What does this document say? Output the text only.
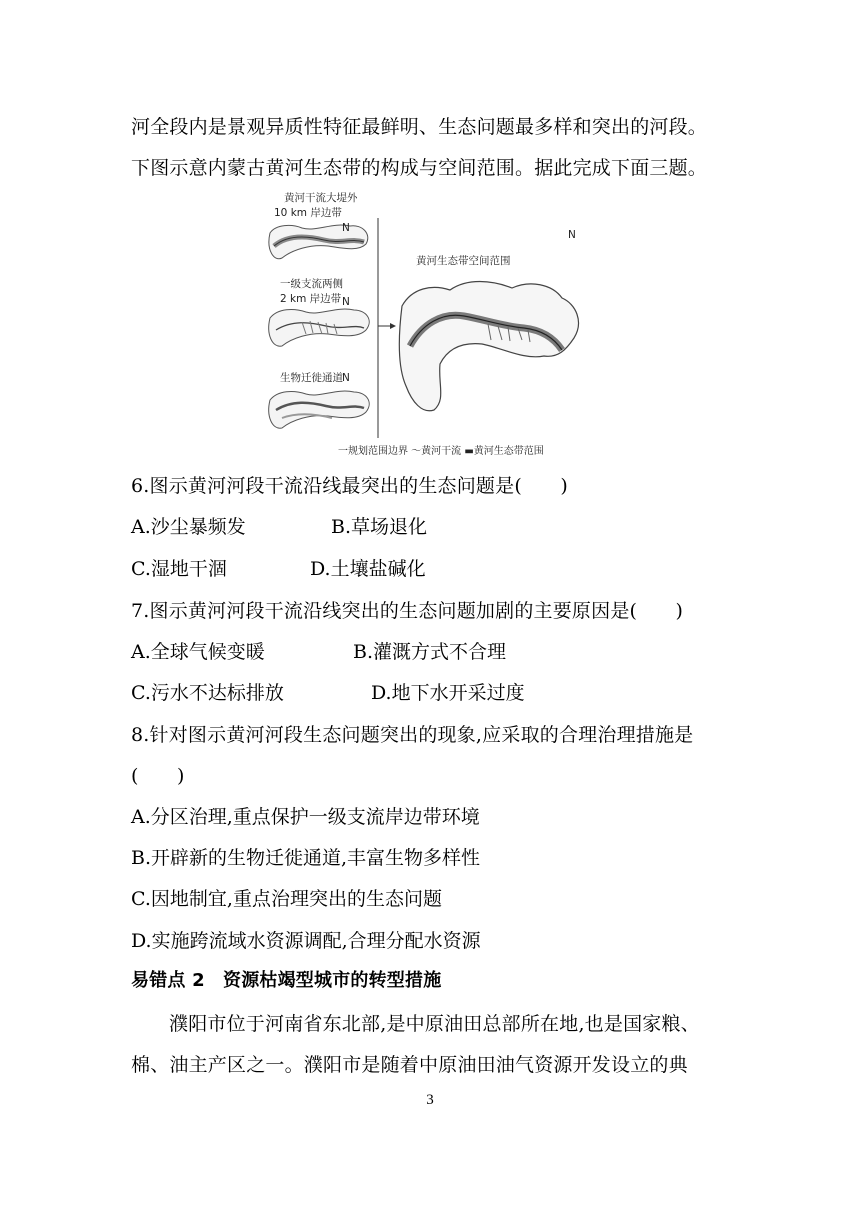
河全段内是景观异质性特征最鲜明、生态问题最多样和突出的河段。
下图示意内蒙古黄河生态带的构成与空间范围。据此完成下面三题。
黄河干流大堤外
10 km 岸边带
N
一级支流两侧
2 km 岸边带 N
生物迁徙通道 N
黄河生态带空间范围
N
一规划范围边界 ～黄河干流 ▬黄河生态带范围
6.图示黄河河段干流沿线最突出的生态问题是(　　)
A.沙尘暴频发	B.草场退化
C.湿地干涸	D.土壤盐碱化
7.图示黄河河段干流沿线突出的生态问题加剧的主要原因是(　　)
A.全球气候变暖	B.灌溉方式不合理
C.污水不达标排放	D.地下水开采过度
8.针对图示黄河河段生态问题突出的现象,应采取的合理治理措施是
(　　)
A.分区治理,重点保护一级支流岸边带环境
B.开辟新的生物迁徙通道,丰富生物多样性
C.因地制宜,重点治理突出的生态问题
D.实施跨流域水资源调配,合理分配水资源
易错点 2　资源枯竭型城市的转型措施
濮阳市位于河南省东北部,是中原油田总部所在地,也是国家粮、
棉、油主产区之一。濮阳市是随着中原油田油气资源开发设立的典
3
